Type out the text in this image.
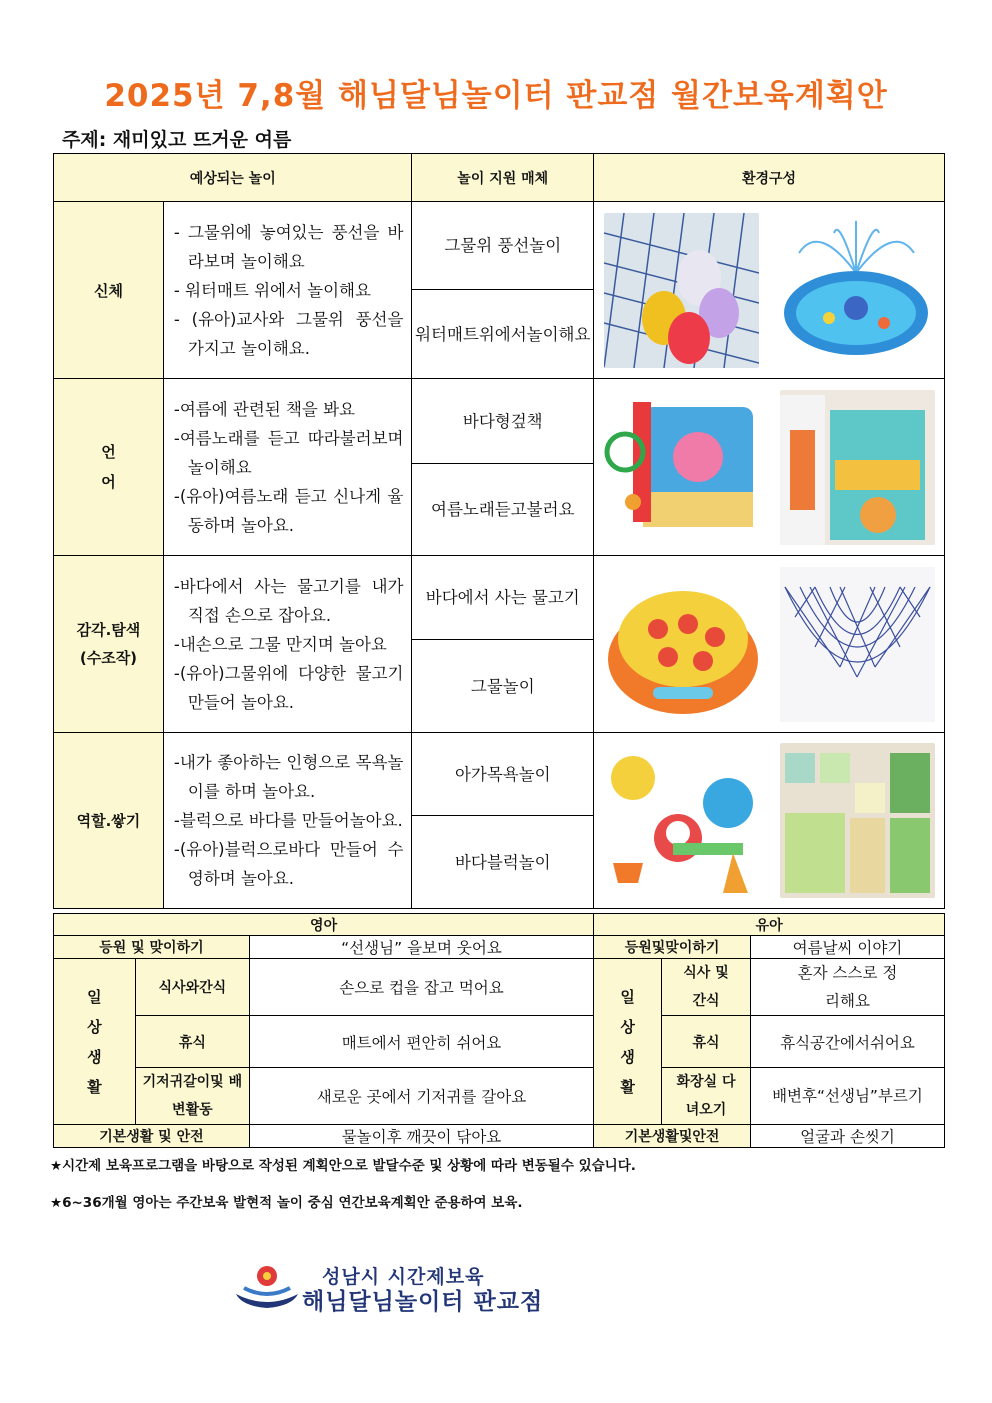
2025년 7,8월 해님달님놀이터 판교점 월간보육계획안
주제: 재미있고 뜨거운 여름
예상되는 놀이		놀이 지원 매체	환경구성
신체	- 그물위에 놓여있는 풍선을 바라보며 놀이해요
- 워터매트 위에서 놀이해요
- (유아)교사와 그물위 풍선을 가지고 놀이해요.	그물위 풍선놀이	

		워터매트위에서놀이해요	
언어	-여름에 관련된 책을 봐요
-여름노래를 듣고 따라불러보며 놀이해요
-(유아)여름노래 듣고 신나게 율동하며 놀아요.	바다형겊책	

		여름노래듣고불러요	
감각.탐색 (수조작)	-바다에서 사는 물고기를 내가 직접 손으로 잡아요.
-내손으로 그물 만지며 놀아요
-(유아)그물위에 다양한 물고기 만들어 놀아요.	바다에서 사는 물고기	

		그물놀이	
역할.쌓기	-내가 좋아하는 인형으로 목욕놀이를 하며 놀아요.
-블럭으로 바다를 만들어놀아요.
-(유아)블럭으로바다 만들어 수영하며 놀아요.	아가목욕놀이	

		바다블럭놀이	
영아			유아		
등원 및 맞이하기		“선생님” 을보며 웃어요	등원및맞이하기		여름날씨 이야기
일상생활	식사와간식	손으로 컵을 잡고 먹어요	일상생활	식사 및 간식	혼자 스스로 정리해요
	휴식	매트에서 편안히 쉬어요		휴식	휴식공간에서쉬어요
	기저귀갈이및 배변활동	새로운 곳에서 기저귀를 갈아요		화장실 다녀오기	배변후“선생님”부르기
기본생활 및 안전		물놀이후 깨끗이 닦아요	기본생활및안전		얼굴과 손씻기
★시간제 보육프로그램을 바탕으로 작성된 계획안으로 발달수준 및 상황에 따라 변동될수 있습니다.
★6~36개월 영아는 주간보육 발현적 놀이 중심 연간보육계획안 준용하여 보육.
성남시 시간제보육
해님달님놀이터 판교점
